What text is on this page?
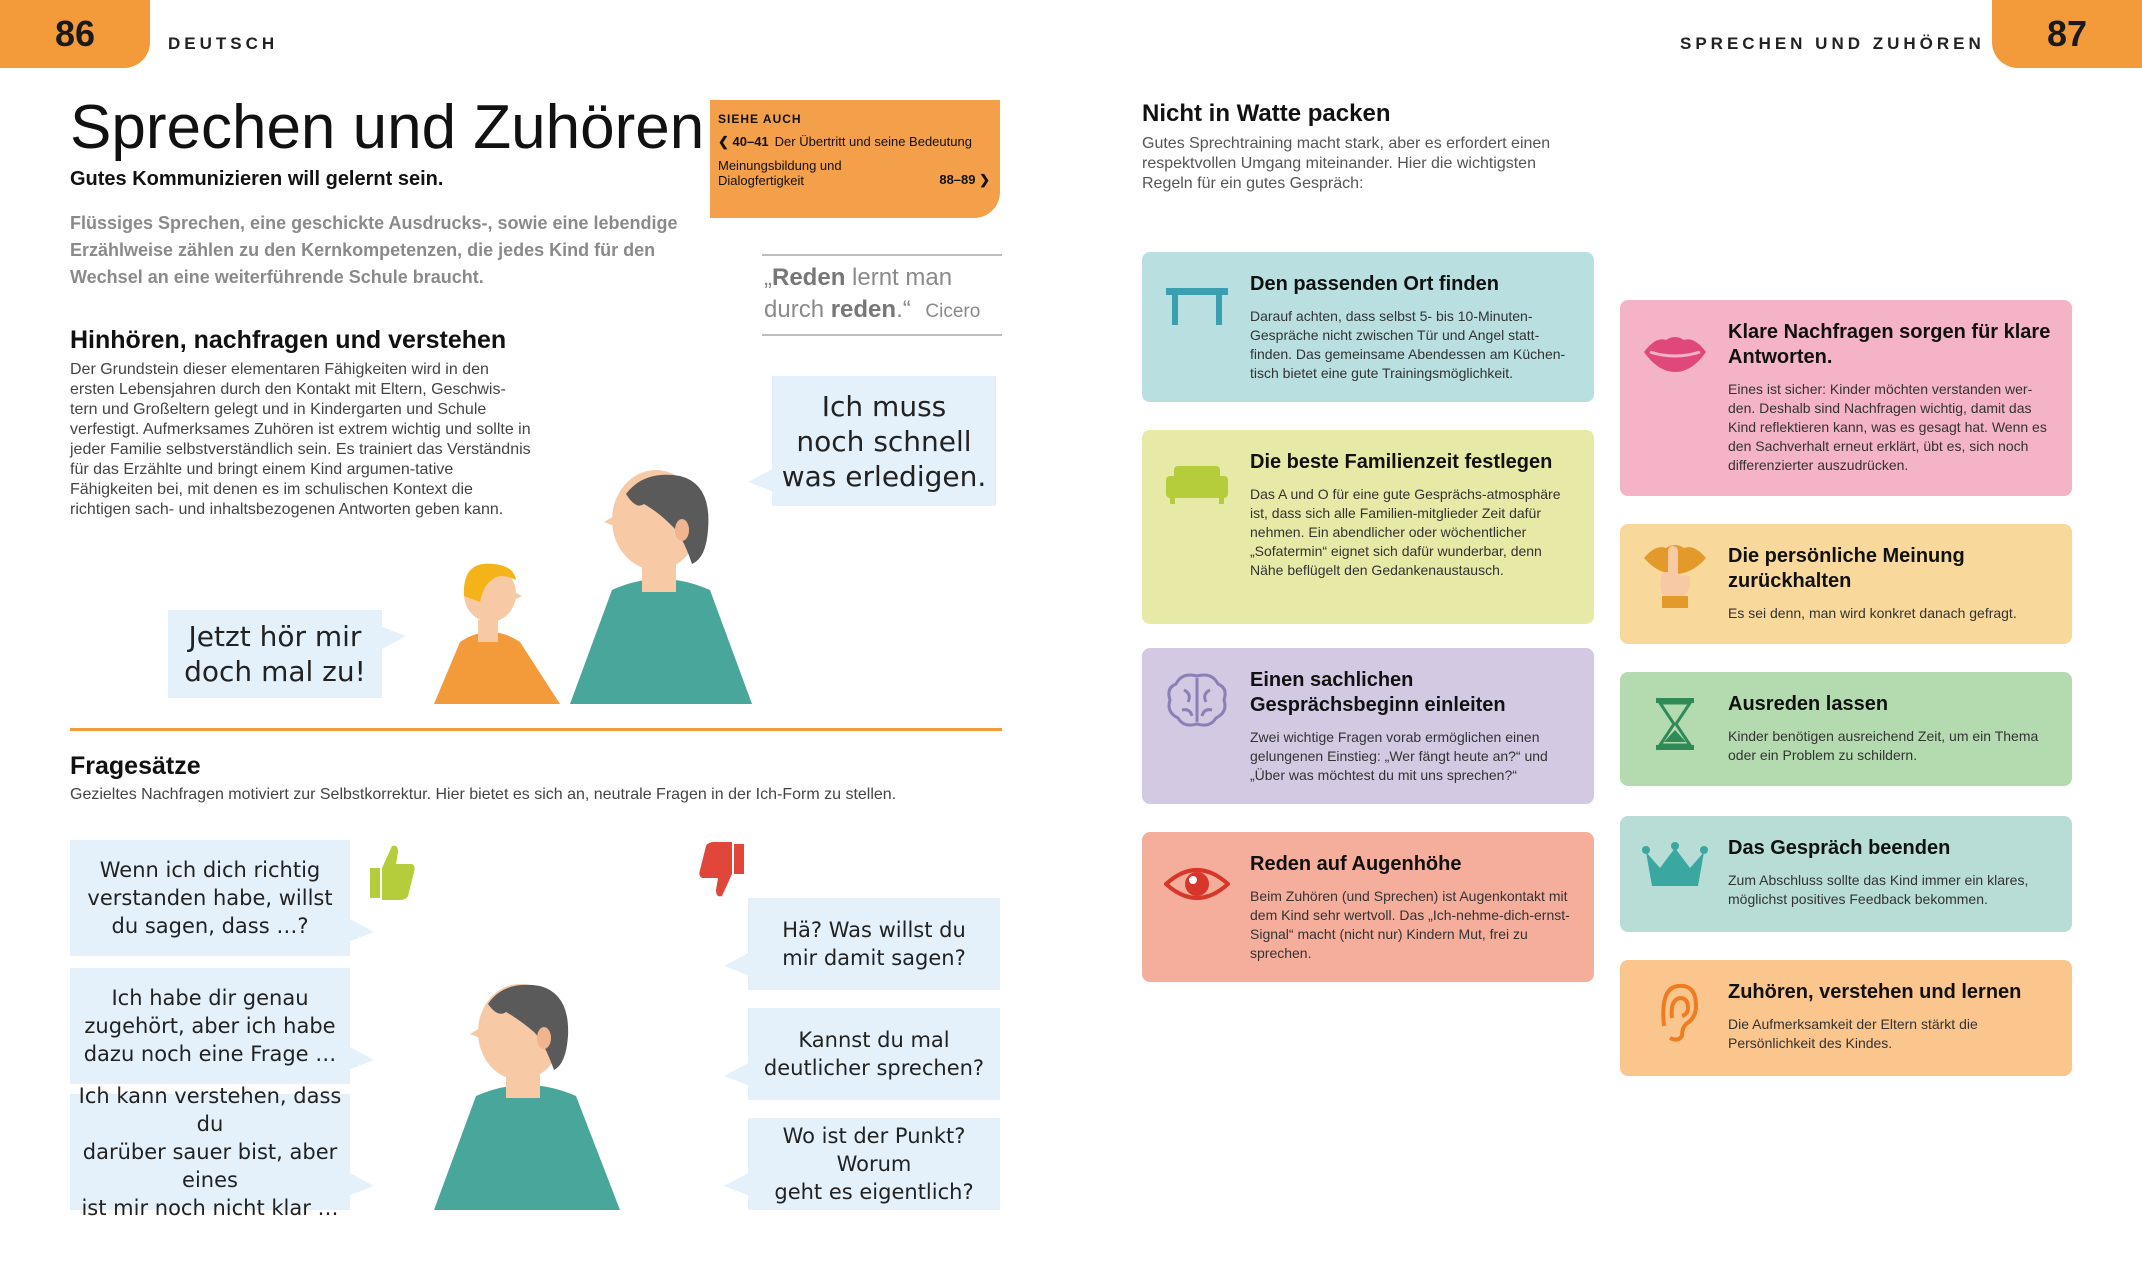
86	DEUTSCH	SPRECHEN UND ZUHÖREN	87
Sprechen und Zuhören
Gutes Kommunizieren will gelernt sein.
Flüssiges Sprechen, eine geschickte Ausdrucks-, sowie eine lebendige Erzählweise zählen zu den Kernkompetenzen, die jedes Kind für den Wechsel an eine weiterführende Schule braucht.
SIEHE AUCH
❮ 40–41 Der Übertritt und seine Bedeutung
Meinungsbildung und Dialogfertigkeit	88–89 ❯
„Reden lernt man durch reden.“ Cicero
Hinhören, nachfragen und verstehen
Der Grundstein dieser elementaren Fähigkeiten wird in den ersten Lebensjahren durch den Kontakt mit Eltern, Geschwis-tern und Großeltern gelegt und in Kindergarten und Schule verfestigt. Aufmerksames Zuhören ist extrem wichtig und sollte in jeder Familie selbstverständlich sein. Es trainiert das Verständnis für das Erzählte und bringt einem Kind argumen-tative Fähigkeiten bei, mit denen es im schulischen Kontext die richtigen sach- und inhaltsbezogenen Antworten geben kann.
Ich muss
noch schnell
was erledigen.
Jetzt hör mir
doch mal zu!
Fragesätze
Gezieltes Nachfragen motiviert zur Selbstkorrektur. Hier bietet es sich an, neutrale Fragen in der Ich-Form zu stellen.
Wenn ich dich richtig
verstanden habe, willst
du sagen, dass …?
Ich habe dir genau
zugehört, aber ich habe
dazu noch eine Frage …
Ich kann verstehen, dass du
darüber sauer bist, aber eines
ist mir noch nicht klar …
Hä? Was willst du
mir damit sagen?
Kannst du mal
deutlicher sprechen?
Wo ist der Punkt? Worum
geht es eigentlich?
Nicht in Watte packen
Gutes Sprechtraining macht stark, aber es erfordert einen respektvollen Umgang miteinander. Hier die wichtigsten Regeln für ein gutes Gespräch:
Den passenden Ort finden
Darauf achten, dass selbst 5- bis 10-Minuten-Gespräche nicht zwischen Tür und Angel statt-finden. Das gemeinsame Abendessen am Küchen-tisch bietet eine gute Trainingsmöglichkeit.
Die beste Familienzeit festlegen
Das A und O für eine gute Gesprächs-atmosphäre ist, dass sich alle Familien-mitglieder Zeit dafür nehmen. Ein abendlicher oder wöchentlicher „Sofatermin“ eignet sich dafür wunderbar, denn Nähe beflügelt den Gedankenaustausch.
Einen sachlichen Gesprächsbeginn einleiten
Zwei wichtige Fragen vorab ermöglichen einen gelungenen Einstieg: „Wer fängt heute an?“ und „Über was möchtest du mit uns sprechen?“
Reden auf Augenhöhe
Beim Zuhören (und Sprechen) ist Augenkontakt mit dem Kind sehr wertvoll. Das „Ich-nehme-dich-ernst-Signal“ macht (nicht nur) Kindern Mut, frei zu sprechen.
Klare Nachfragen sorgen für klare Antworten.
Eines ist sicher: Kinder möchten verstanden wer-den. Deshalb sind Nachfragen wichtig, damit das Kind reflektieren kann, was es gesagt hat. Wenn es den Sachverhalt erneut erklärt, übt es, sich noch differenzierter auszudrücken.
Die persönliche Meinung zurückhalten
Es sei denn, man wird konkret danach gefragt.
Ausreden lassen
Kinder benötigen ausreichend Zeit, um ein Thema oder ein Problem zu schildern.
Das Gespräch beenden
Zum Abschluss sollte das Kind immer ein klares, möglichst positives Feedback bekommen.
Zuhören, verstehen und lernen
Die Aufmerksamkeit der Eltern stärkt die Persönlichkeit des Kindes.
